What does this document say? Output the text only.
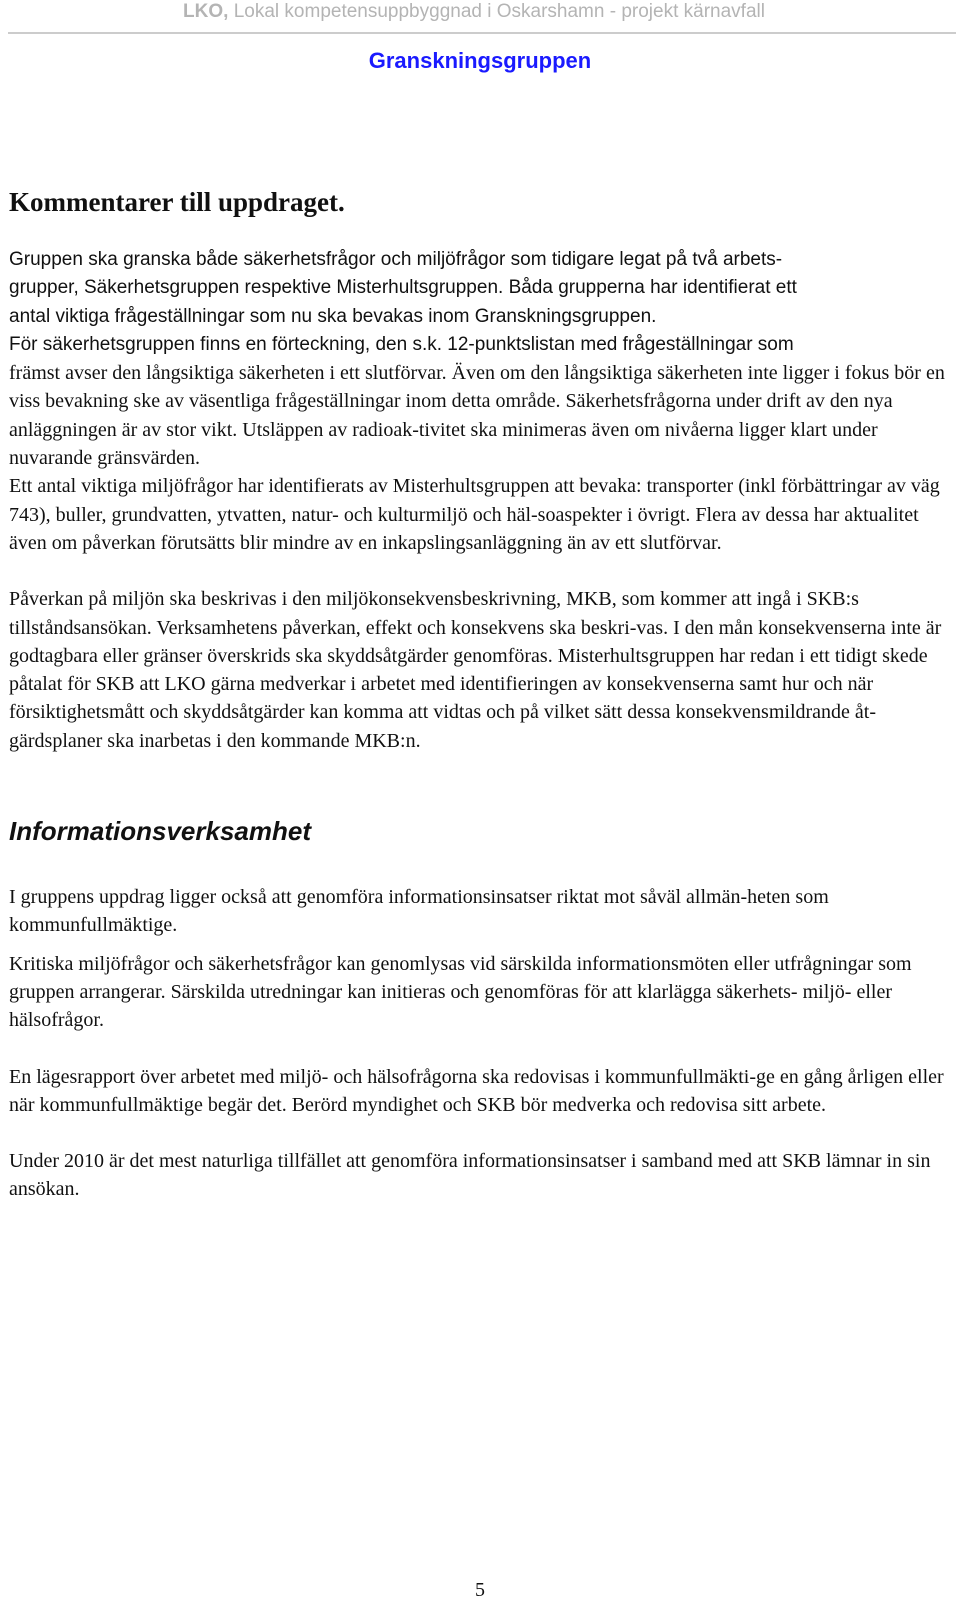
LKO, Lokal kompetensuppbyggnad i Oskarshamn - projekt kärnavfall
Granskningsgruppen
Kommentarer till uppdraget.

Gruppen ska granska både säkerhetsfrågor och miljöfrågor som tidigare legat på två arbets-

grupper, Säkerhetsgruppen respektive Misterhultsgruppen. Båda grupperna har identifierat ett

antal viktiga frågeställningar som nu ska bevakas inom Granskningsgruppen.

För säkerhetsgruppen finns en förteckning, den s.k. 12-punktslistan med frågeställningar som

främst avser den långsiktiga säkerheten i ett slutförvar. Även om den långsiktiga säkerheten inte ligger i fokus bör en viss bevakning ske av väsentliga frågeställningar inom detta område. Säkerhetsfrågorna under drift av den nya anläggningen är av stor vikt. Utsläppen av radioak-tivitet ska minimeras även om nivåerna ligger klart under nuvarande gränsvärden.

Ett antal viktiga miljöfrågor har identifierats av Misterhultsgruppen att bevaka: transporter (inkl förbättringar av väg 743), buller, grundvatten, ytvatten, natur- och kulturmiljö och häl-soaspekter i övrigt. Flera av dessa har aktualitet även om påverkan förutsätts blir mindre av en inkapslingsanläggning än av ett slutförvar.

Påverkan på miljön ska beskrivas i den miljökonsekvensbeskrivning, MKB, som kommer att ingå i SKB:s tillståndsansökan. Verksamhetens påverkan, effekt och konsekvens ska beskri-vas. I den mån konsekvenserna inte är godtagbara eller gränser överskrids ska skyddsåtgärder genomföras. Misterhultsgruppen har redan i ett tidigt skede påtalat för SKB att LKO gärna medverkar i arbetet med identifieringen av konsekvenserna samt hur och när försiktighetsmått och skyddsåtgärder kan komma att vidtas och på vilket sätt dessa konsekvensmildrande åt-gärdsplaner ska inarbetas i den kommande MKB:n.

Informationsverksamhet

I gruppens uppdrag ligger också att genomföra informationsinsatser riktat mot såväl allmän-heten som kommunfullmäktige.

Kritiska miljöfrågor och säkerhetsfrågor kan genomlysas vid särskilda informationsmöten eller utfrågningar som gruppen arrangerar. Särskilda utredningar kan initieras och genomföras för att klarlägga säkerhets- miljö- eller hälsofrågor.

En lägesrapport över arbetet med miljö- och hälsofrågorna ska redovisas i kommunfullmäkti-ge en gång årligen eller när kommunfullmäktige begär det. Berörd myndighet och SKB bör medverka och redovisa sitt arbete.

Under 2010 är det mest naturliga tillfället att genomföra informationsinsatser i samband med att SKB lämnar in sin ansökan.

5
